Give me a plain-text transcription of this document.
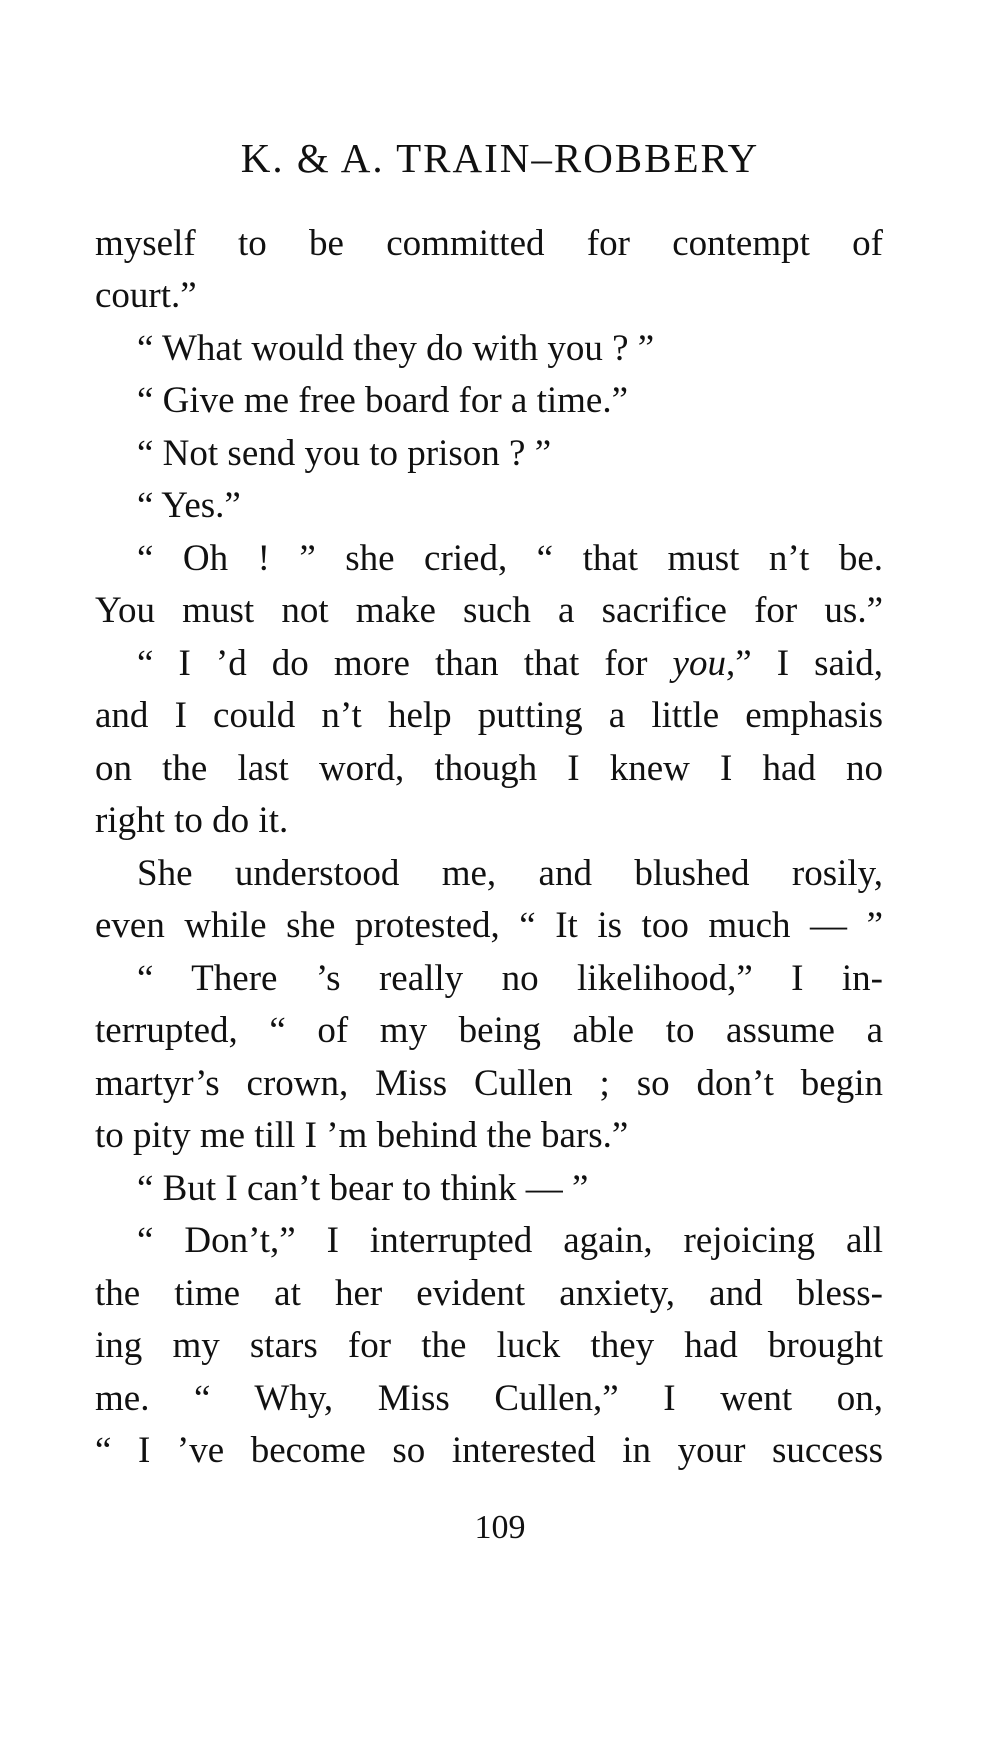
K. & A. TRAIN–ROBBERY
myself to be committed for contempt of
court.”
“ What would they do with you ? ”
“ Give me free board for a time.”
“ Not send you to prison ? ”
“ Yes.”
“ Oh ! ” she cried, “ that must n’t be.
You must not make such a sacrifice for us.”
“ I ’d do more than that for you,” I said,
and I could n’t help putting a little emphasis
on the last word, though I knew I had no
right to do it.
She understood me, and blushed rosily,
even while she protested, “ It is too much — ”
“ There ’s really no likelihood,” I in-
terrupted, “ of my being able to assume a
martyr’s crown, Miss Cullen ; so don’t begin
to pity me till I ’m behind the bars.”
“ But I can’t bear to think — ”
“ Don’t,” I interrupted again, rejoicing all
the time at her evident anxiety, and bless-
ing my stars for the luck they had brought
me. “ Why, Miss Cullen,” I went on,
“ I ’ve become so interested in your success
109
